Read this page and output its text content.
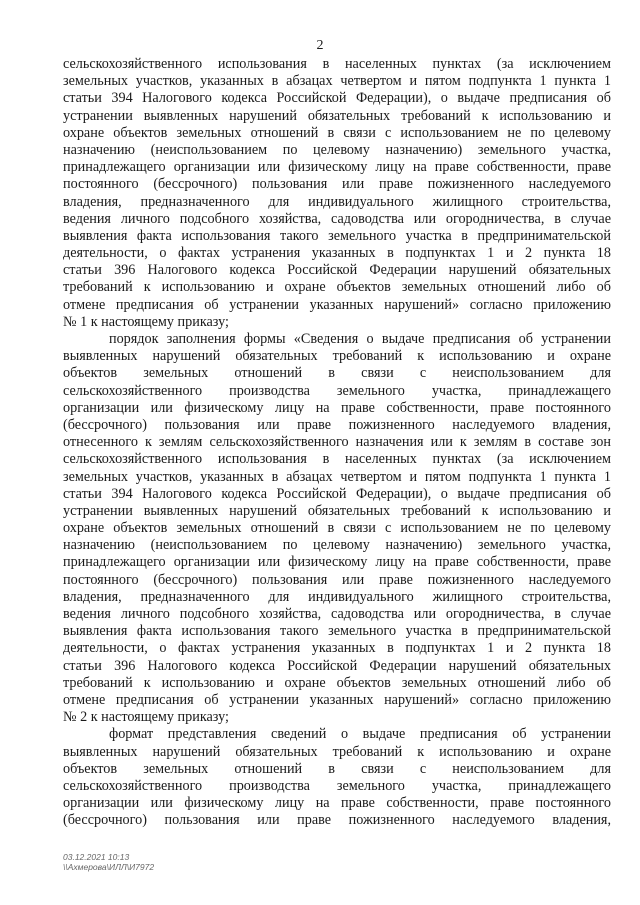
2
сельскохозяйственного использования в населенных пунктах (за исключением
земельных участков, указанных в абзацах четвертом и пятом подпункта 1 пункта 1
статьи 394 Налогового кодекса Российской Федерации), о выдаче предписания об
устранении выявленных нарушений обязательных требований к использованию и
охране объектов земельных отношений в связи с использованием не по целевому
назначению (неиспользованием по целевому назначению) земельного участка,
принадлежащего организации или физическому лицу на праве собственности, праве
постоянного (бессрочного) пользования или праве пожизненного наследуемого
владения, предназначенного для индивидуального жилищного строительства,
ведения личного подсобного хозяйства, садоводства или огородничества, в случае
выявления факта использования такого земельного участка в предпринимательской
деятельности, о фактах устранения указанных в подпунктах 1 и 2 пункта 18
статьи 396 Налогового кодекса Российской Федерации нарушений обязательных
требований к использованию и охране объектов земельных отношений либо об
отмене предписания об устранении указанных нарушений» согласно приложению
№ 1 к настоящему приказу;
порядок заполнения формы «Сведения о выдаче предписания об устранении
выявленных нарушений обязательных требований к использованию и охране
объектов земельных отношений в связи с неиспользованием для
сельскохозяйственного производства земельного участка, принадлежащего
организации или физическому лицу на праве собственности, праве постоянного
(бессрочного) пользования или праве пожизненного наследуемого владения,
отнесенного к землям сельскохозяйственного назначения или к землям в составе зон
сельскохозяйственного использования в населенных пунктах (за исключением
земельных участков, указанных в абзацах четвертом и пятом подпункта 1 пункта 1
статьи 394 Налогового кодекса Российской Федерации), о выдаче предписания об
устранении выявленных нарушений обязательных требований к использованию и
охране объектов земельных отношений в связи с использованием не по целевому
назначению (неиспользованием по целевому назначению) земельного участка,
принадлежащего организации или физическому лицу на праве собственности, праве
постоянного (бессрочного) пользования или праве пожизненного наследуемого
владения, предназначенного для индивидуального жилищного строительства,
ведения личного подсобного хозяйства, садоводства или огородничества, в случае
выявления факта использования такого земельного участка в предпринимательской
деятельности, о фактах устранения указанных в подпунктах 1 и 2 пункта 18
статьи 396 Налогового кодекса Российской Федерации нарушений обязательных
требований к использованию и охране объектов земельных отношений либо об
отмене предписания об устранении указанных нарушений» согласно приложению
№ 2 к настоящему приказу;
формат представления сведений о выдаче предписания об устранении
выявленных нарушений обязательных требований к использованию и охране
объектов земельных отношений в связи с неиспользованием для
сельскохозяйственного производства земельного участка, принадлежащего
организации или физическому лицу на праве собственности, праве постоянного
(бессрочного) пользования или праве пожизненного наследуемого владения,
03.12.2021 10:13
\\Ахмерова\ИЛЛ\И7972
